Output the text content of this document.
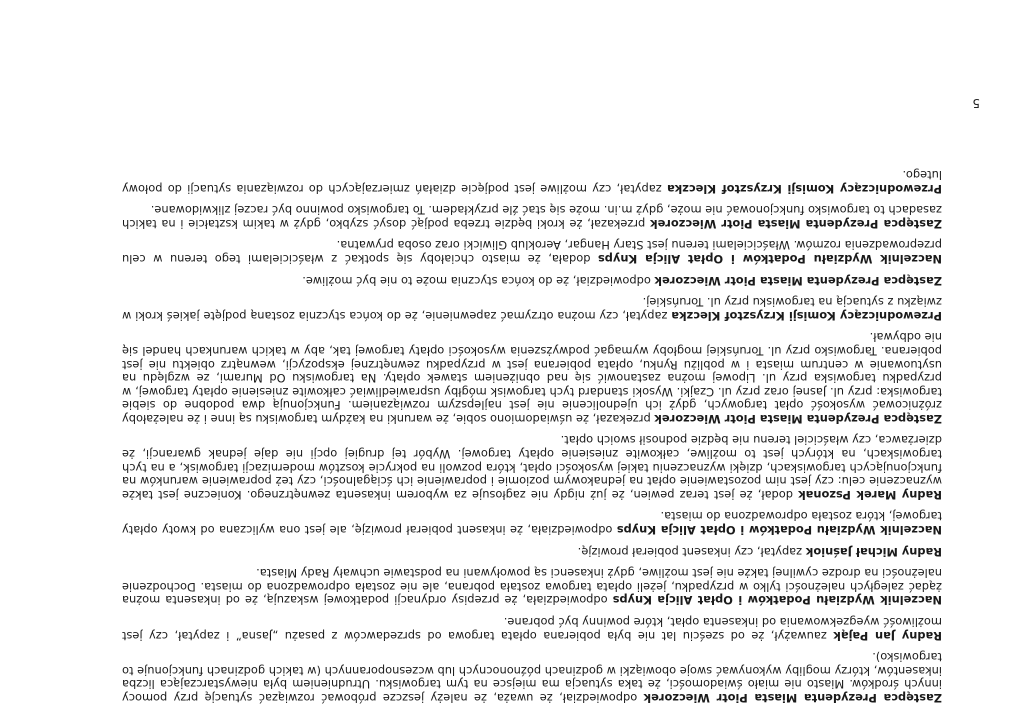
Zastępca Prezydenta Miasta Piotr Wieczorek odpowiedział, że uważa, że należy jeszcze próbować rozwiązać sytuację przy pomocy innych środków. Miasto nie miało świadomości, że taka sytuacja ma miejsce na tym targowisku. Utrudnieniem była niewystarczająca liczba inkasentów, którzy mogliby wykonywać swoje obowiązki w godzinach późnonocnych lub wczesnoporannych (w takich godzinach funkcjonuje to targowisko).

Radny Jan Pająk zauważył, że od sześciu lat nie była pobierana opłata targowa od sprzedawców z pasażu „Jasna” i zapytał, czy jest możliwość wyegzekwowania od inkasenta opłat, które powinny być pobrane.

Naczelnik Wydziału Podatków i Opłat Alicja Knyps odpowiedziała, że przepisy ordynacji podatkowej wskazują, że od inkasenta można żądać zaległych należności tylko w przypadku, jeżeli opłata targowa została pobrana, ale nie została odprowadzona do miasta. Dochodzenie należności na drodze cywilnej także nie jest możliwe, gdyż inkasenci są powoływani na podstawie uchwały Rady Miasta.

Radny Michał Jaśniok zapytał, czy inkasent pobierał prowizję.

Naczelnik Wydziału Podatków i Opłat Alicja Knyps odpowiedziała, że inkasent pobierał prowizję, ale jest ona wyliczana od kwoty opłaty targowej, która została odprowadzona do miasta.

Radny Marek Pszonak dodał, że jest teraz pewien, że już nigdy nie zagłosuje za wyborem inkasenta zewnętrznego. Konieczne jest także wyznaczenie celu: czy jest nim pozostawienie opłat na jednakowym poziomie i poprawienie ich ściągalności, czy też poprawienie warunków na funkcjonujących targowiskach, dzięki wyznaczeniu takiej wysokości opłat, która pozwoli na pokrycie kosztów modernizacji targowisk, a na tych targowiskach, na których jest to możliwe, całkowite zniesienie opłaty targowej. Wybór tej drugiej opcji nie daje jednak gwarancji, że dzierżawca, czy właściciel terenu nie będzie podnosił swoich opłat.

Zastępca Prezydenta Miasta Piotr Wieczorek przekazał, że uświadomiono sobie, że warunki na każdym targowisku są inne i że należałoby zróżnicować wysokość opłat targowych, gdyż ich ujednolicenie nie jest najlepszym rozwiązaniem. Funkcjonują dwa podobne do siebie targowiska: przy ul. Jasnej oraz przy ul. Czajki. Wysoki standard tych targowisk mógłby usprawiedliwiać całkowite zniesienie opłaty targowej, w przypadku targowiska przy ul. Lipowej można zastanowić się nad obniżeniem stawek opłaty. Na targowisku Od Murami, ze względu na usytuowanie w centrum miasta i w pobliżu Rynku, opłata pobierana jest w przypadku zewnętrznej ekspozycji, wewnątrz obiektu nie jest pobierana. Targowisko przy ul. Toruńskiej mogłoby wymagać podwyższenia wysokości opłaty targowej tak, aby w takich warunkach handel się nie odbywał.

Przewodniczący Komisji Krzysztof Kleczka zapytał, czy można otrzymać zapewnienie, że do końca stycznia zostaną podjęte jakieś kroki w związku z sytuacją na targowisku przy ul. Toruńskiej.

Zastępca Prezydenta Miasta Piotr Wieczorek odpowiedział, że do końca stycznia może to nie być możliwe.

Naczelnik Wydziału Podatków i Opłat Alicja Knyps dodała, że miasto chciałoby się spotkać z właścicielami tego terenu w celu przeprowadzenia rozmów. Właścicielami terenu jest Stary Hangar, Aeroklub Gliwicki oraz osoba prywatna.

Zastępca Prezydenta Miasta Piotr Wieczorek przekazał, że kroki będzie trzeba podjąć dosyć szybko, gdyż w takim kształcie i na takich zasadach to targowisko funkcjonować nie może, gdyż m.in. może się stać źle przykładem. To targowisko powinno być raczej zlikwidowane.

Przewodniczący Komisji Krzysztof Kleczka zapytał, czy możliwe jest podjęcie działań zmierzających do rozwiązania sytuacji do połowy lutego.

5
